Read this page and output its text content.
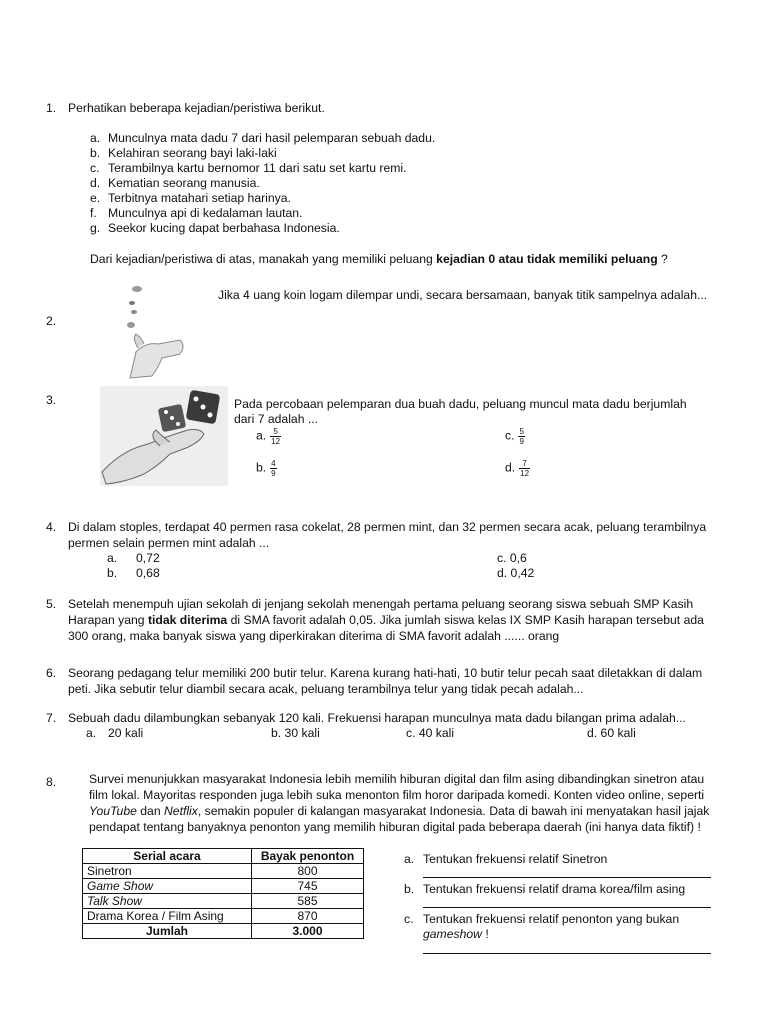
1. Perhatikan beberapa kejadian/peristiwa berikut.
a. Munculnya mata dadu 7 dari hasil pelemparan sebuah dadu.
b. Kelahiran seorang bayi laki-laki
c. Terambilnya kartu bernomor 11 dari satu set kartu remi.
d. Kematian seorang manusia.
e. Terbitnya matahari setiap harinya.
f. Munculnya api di kedalaman lautan.
g. Seekor kucing dapat berbahasa Indonesia.
Dari kejadian/peristiwa di atas, manakah yang memiliki peluang kejadian 0 atau tidak memiliki peluang ?
Jika 4 uang koin logam dilempar undi, secara bersamaan, banyak titik sampelnya adalah...
2.
3.	Pada percobaan pelemparan dua buah dadu, peluang muncul mata dadu berjumlah
dari 7 adalah ...
a. $\frac{5}{12}$
b. $\frac{4}{9}$
c. $\frac{5}{9}$
d. $\frac{7}{12}$
4. Di dalam stoples, terdapat 40 permen rasa cokelat, 28 permen mint, dan 32 permen secara acak, peluang terambilnya
permen selain permen mint adalah ...
a. 0,72
b. 0,68
c. 0,6
d. 0,42
5. Setelah menempuh ujian sekolah di jenjang sekolah menengah pertama peluang seorang siswa sebuah SMP Kasih
Harapan yang tidak diterima di SMA favorit adalah 0,05. Jika jumlah siswa kelas IX SMP Kasih harapan tersebut ada
300 orang, maka banyak siswa yang diperkirakan diterima di SMA favorit adalah ...... orang
6. Seorang pedagang telur memiliki 200 butir telur. Karena kurang hati-hati, 10 butir telur pecah saat diletakkan di dalam
peti. Jika sebutir telur diambil secara acak, peluang terambilnya telur yang tidak pecah adalah...
7. Sebuah dadu dilambungkan sebanyak 120 kali. Frekuensi harapan munculnya mata dadu bilangan prima adalah...
a. 20 kali	b. 30 kali	c. 40 kali	d. 60 kali
8.	Survei menunjukkan masyarakat Indonesia lebih memilih hiburan digital dan film asing dibandingkan sinetron atau
film lokal. Mayoritas responden juga lebih suka menonton film horor daripada komedi. Konten video online, seperti
YouTube dan Netflix, semakin populer di kalangan masyarakat Indonesia. Data di bawah ini menyatakan hasil jajak
pendapat tentang banyaknya penonton yang memilih hiburan digital pada beberapa daerah (ini hanya data fiktif) !
Serial acara	Bayak penonton
Sinetron	800
Game Show	745
Talk Show	585
Drama Korea / Film Asing	870
Jumlah	3.000
a. Tentukan frekuensi relatif Sinetron
b. Tentukan frekuensi relatif drama korea/film asing
c. Tentukan frekuensi relatif penonton yang bukan
gameshow !
